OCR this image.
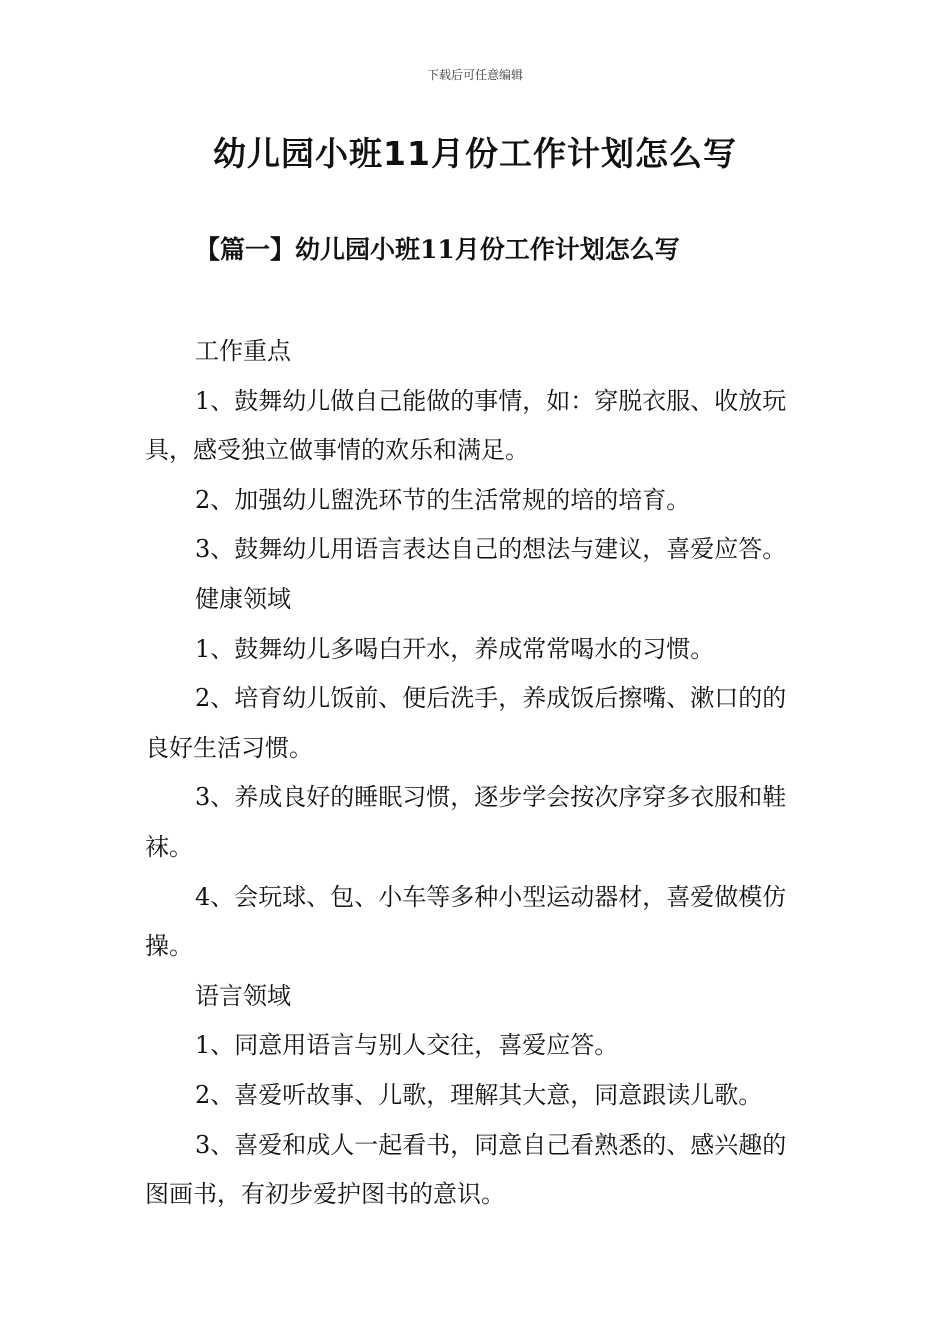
下载后可任意编辑
幼儿园小班11月份工作计划怎么写
【篇一】幼儿园小班11月份工作计划怎么写

工作重点

1、鼓舞幼儿做自己能做的事情，如：穿脱衣服、收放玩具，感受独立做事情的欢乐和满足。

2、加强幼儿盥洗环节的生活常规的培的培育。

3、鼓舞幼儿用语言表达自己的想法与建议，喜爱应答。

健康领域

1、鼓舞幼儿多喝白开水，养成常常喝水的习惯。

2、培育幼儿饭前、便后洗手，养成饭后擦嘴、漱口的的良好生活习惯。

3、养成良好的睡眠习惯，逐步学会按次序穿多衣服和鞋袜。

4、会玩球、包、小车等多种小型运动器材，喜爱做模仿操。

语言领域

1、同意用语言与别人交往，喜爱应答。

2、喜爱听故事、儿歌，理解其大意，同意跟读儿歌。

3、喜爱和成人一起看书，同意自己看熟悉的、感兴趣的图画书，有初步爱护图书的意识。
